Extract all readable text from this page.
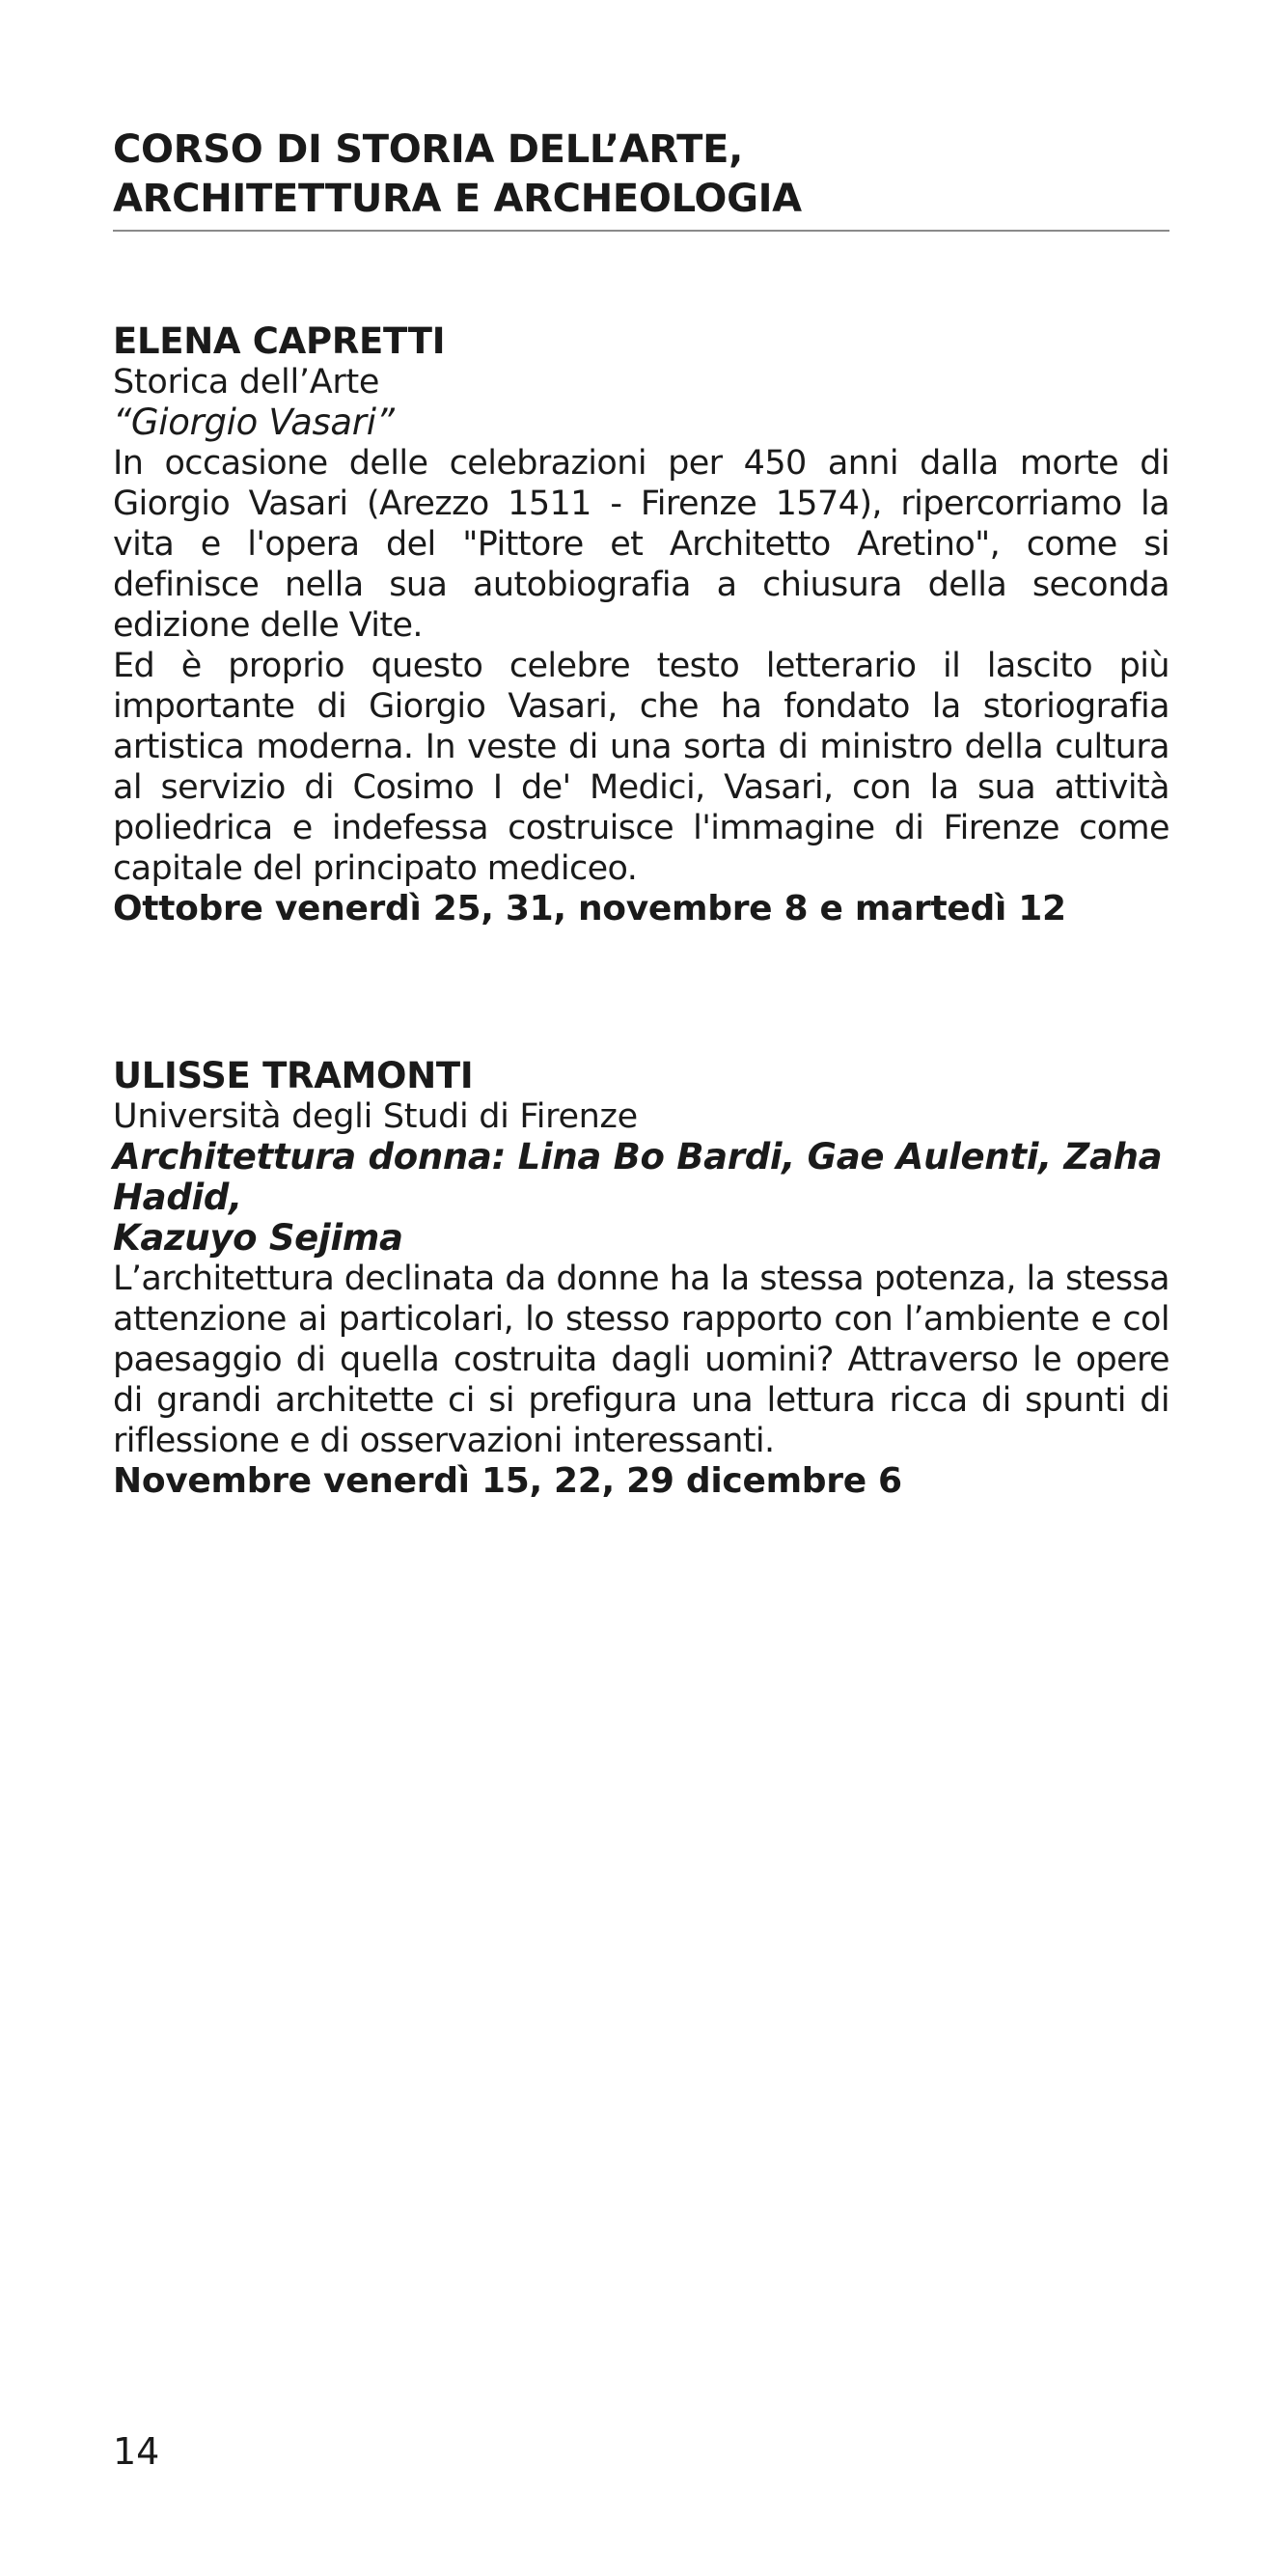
CORSO DI STORIA DELL’ARTE,

ARCHITETTURA E ARCHEOLOGIA

ELENA CAPRETTI

Storica dell’Arte

“Giorgio Vasari”

In occasione delle celebrazioni per 450 anni dalla morte di Giorgio Vasari (Arezzo 1511 - Firenze 1574), ripercorriamo la vita e l'opera del "Pittore et Architetto Aretino", come si definisce nella sua autobiografia a chiusura della seconda edizione delle Vite.
Ed è proprio questo celebre testo letterario il lascito più importante di Giorgio Vasari, che ha fondato la storiografia artistica moderna. In veste di una sorta di ministro della cultura al servizio di Cosimo I de' Medici, Vasari, con la sua attività poliedrica e indefessa costruisce l'immagine di Firenze come capitale del principato mediceo.

Ottobre venerdì 25, 31, novembre 8 e martedì 12

ULISSE TRAMONTI

Università degli Studi di Firenze

Architettura donna: Lina Bo Bardi, Gae Aulenti, Zaha Hadid,

Kazuyo Sejima

L’architettura declinata da donne ha la stessa potenza, la stessa attenzione ai particolari, lo stesso rapporto con l’ambiente e col paesaggio di quella costruita dagli uomini? Attraverso le opere di grandi architette ci si prefigura una lettura ricca di spunti di riflessione e di osservazioni interessanti.

Novembre venerdì 15, 22, 29 dicembre 6

14
